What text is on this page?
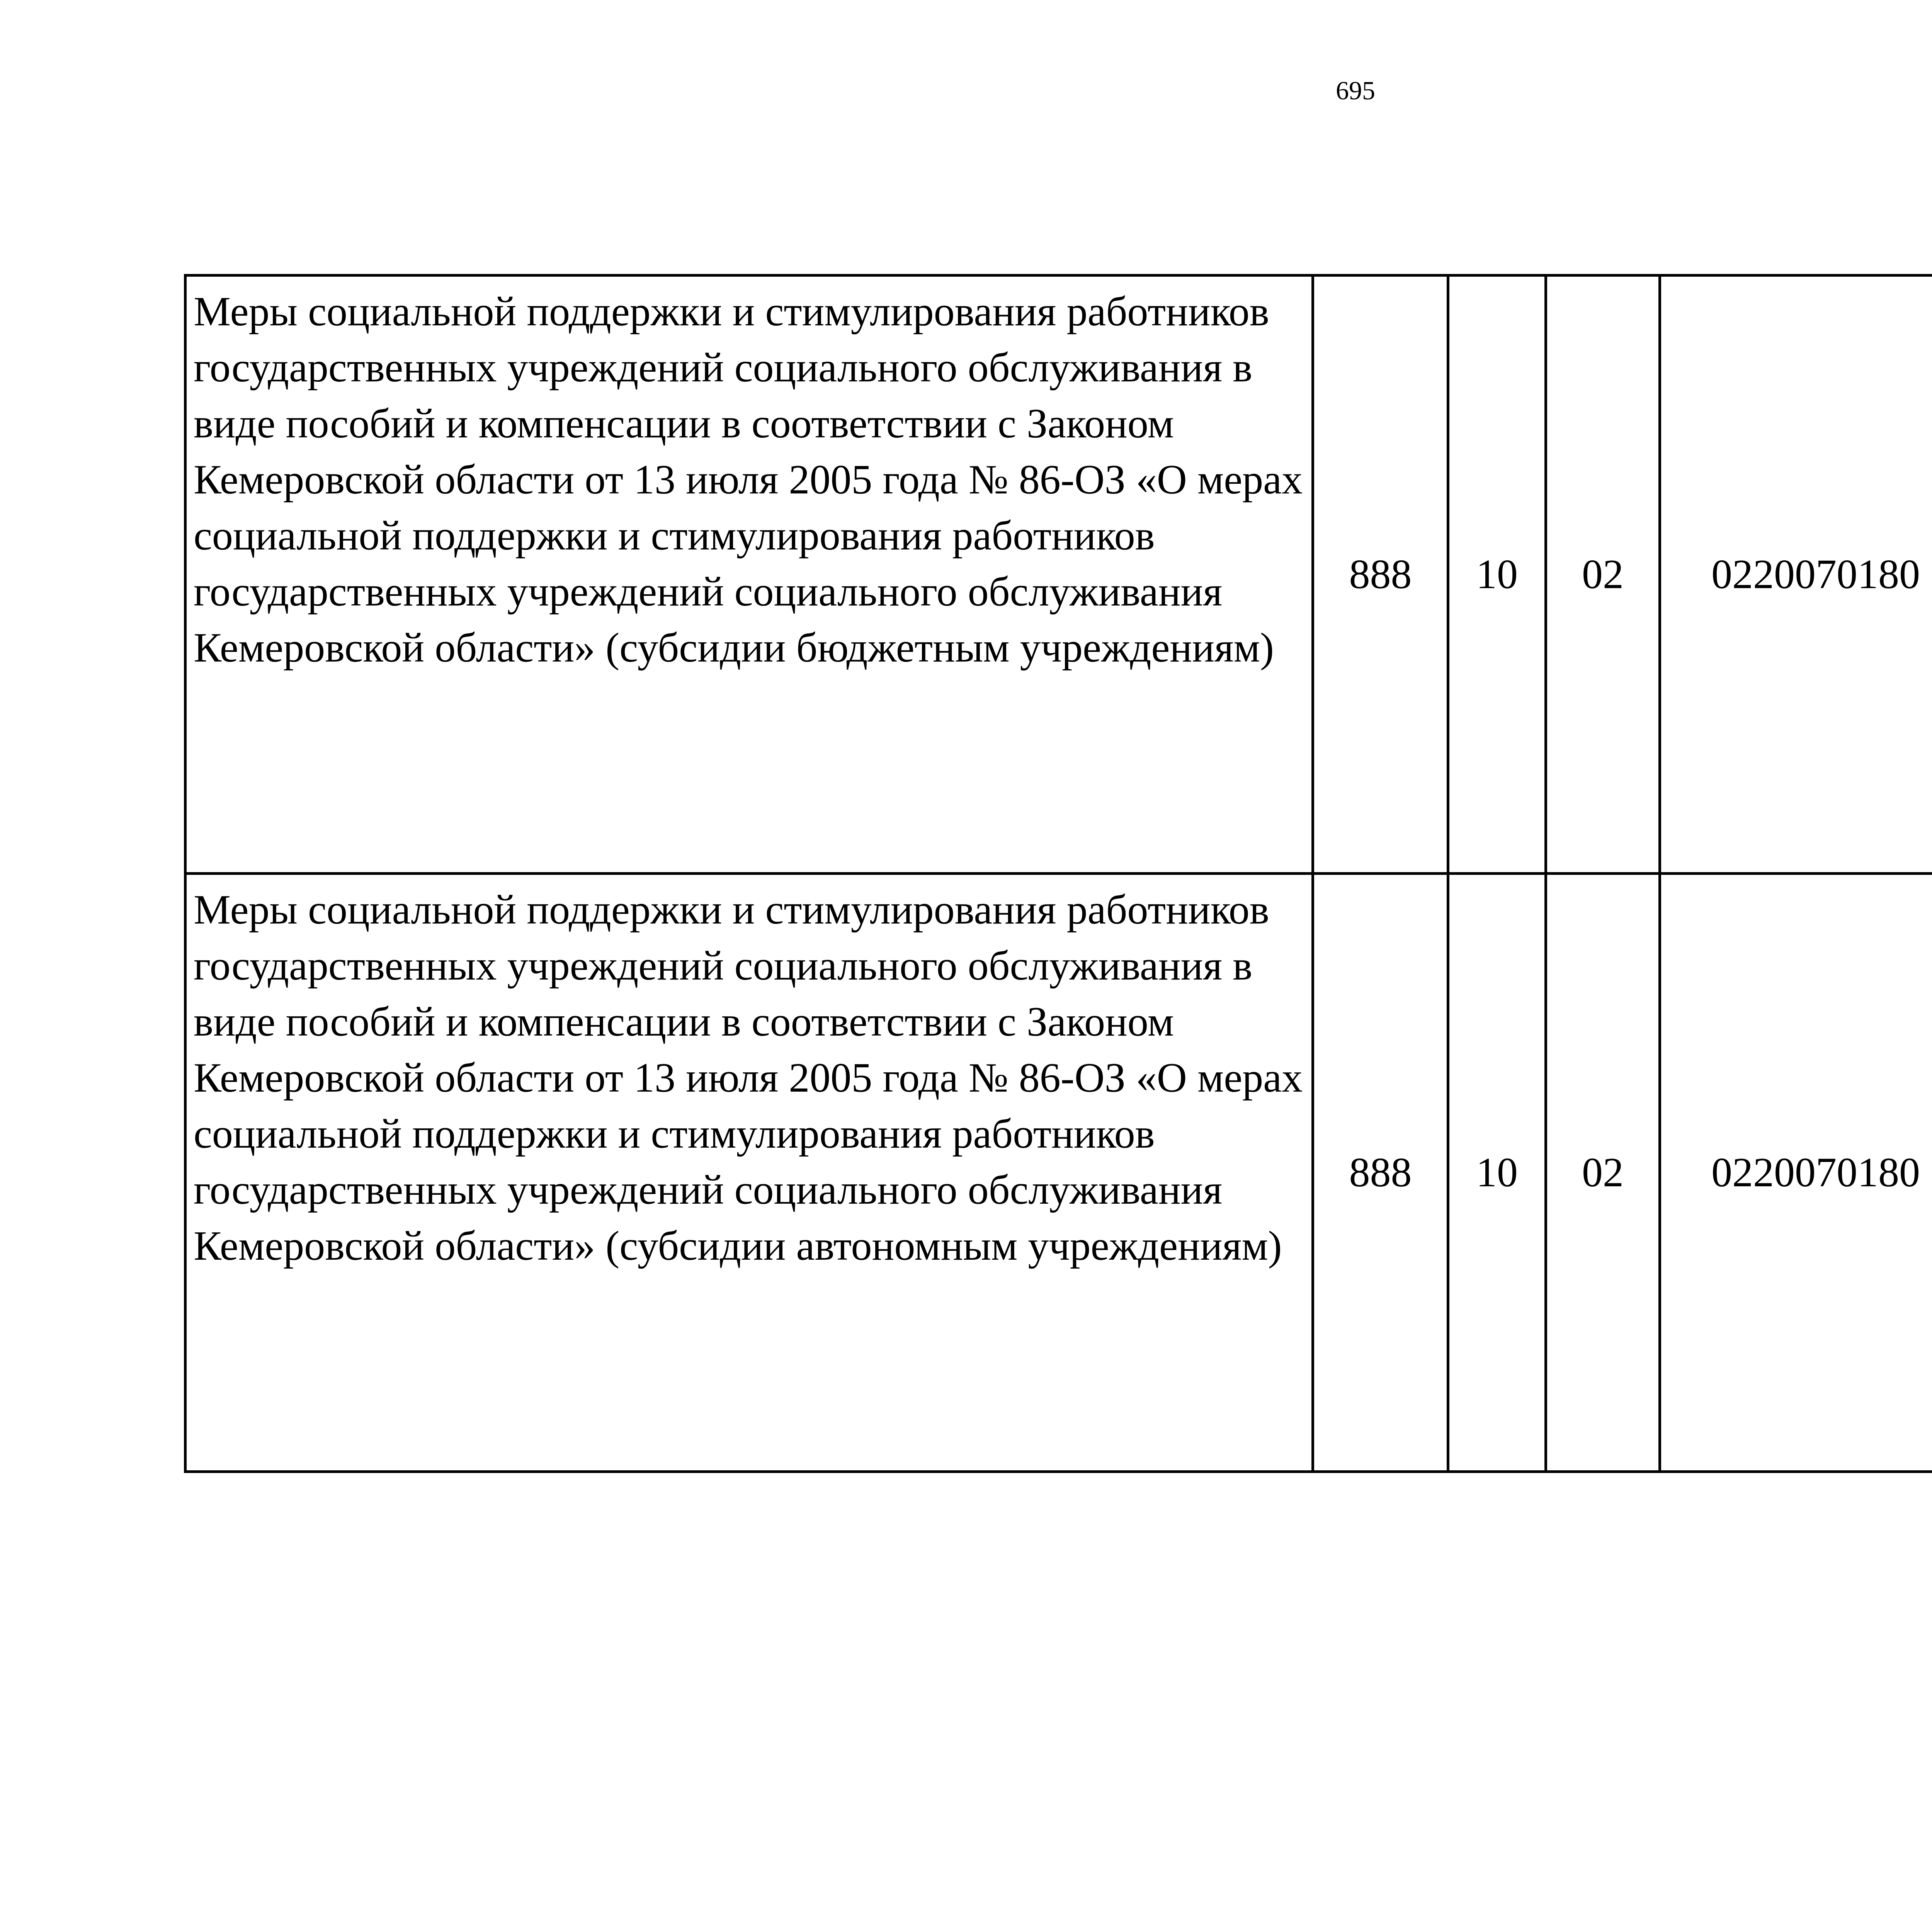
695
Меры социальной поддержки и стимулирования работников государственных учреждений социального обслуживания в виде пособий и компенсации в соответствии с Законом Кемеровской области от 13 июля 2005 года № 86-ОЗ «О мерах социальной поддержки и стимулирования работников государственных учреждений социального обслуживания Кемеровской области» (субсидии бюджетным учреждениям)	888	10	02	0220070180		
Меры социальной поддержки и стимулирования работников государственных учреждений социального обслуживания в виде пособий и компенсации в соответствии с Законом Кемеровской области от 13 июля 2005 года № 86-ОЗ «О мерах социальной поддержки и стимулирования работников государственных учреждений социального обслуживания Кемеровской области» (субсидии автономным учреждениям)	888	10	02	0220070180		
